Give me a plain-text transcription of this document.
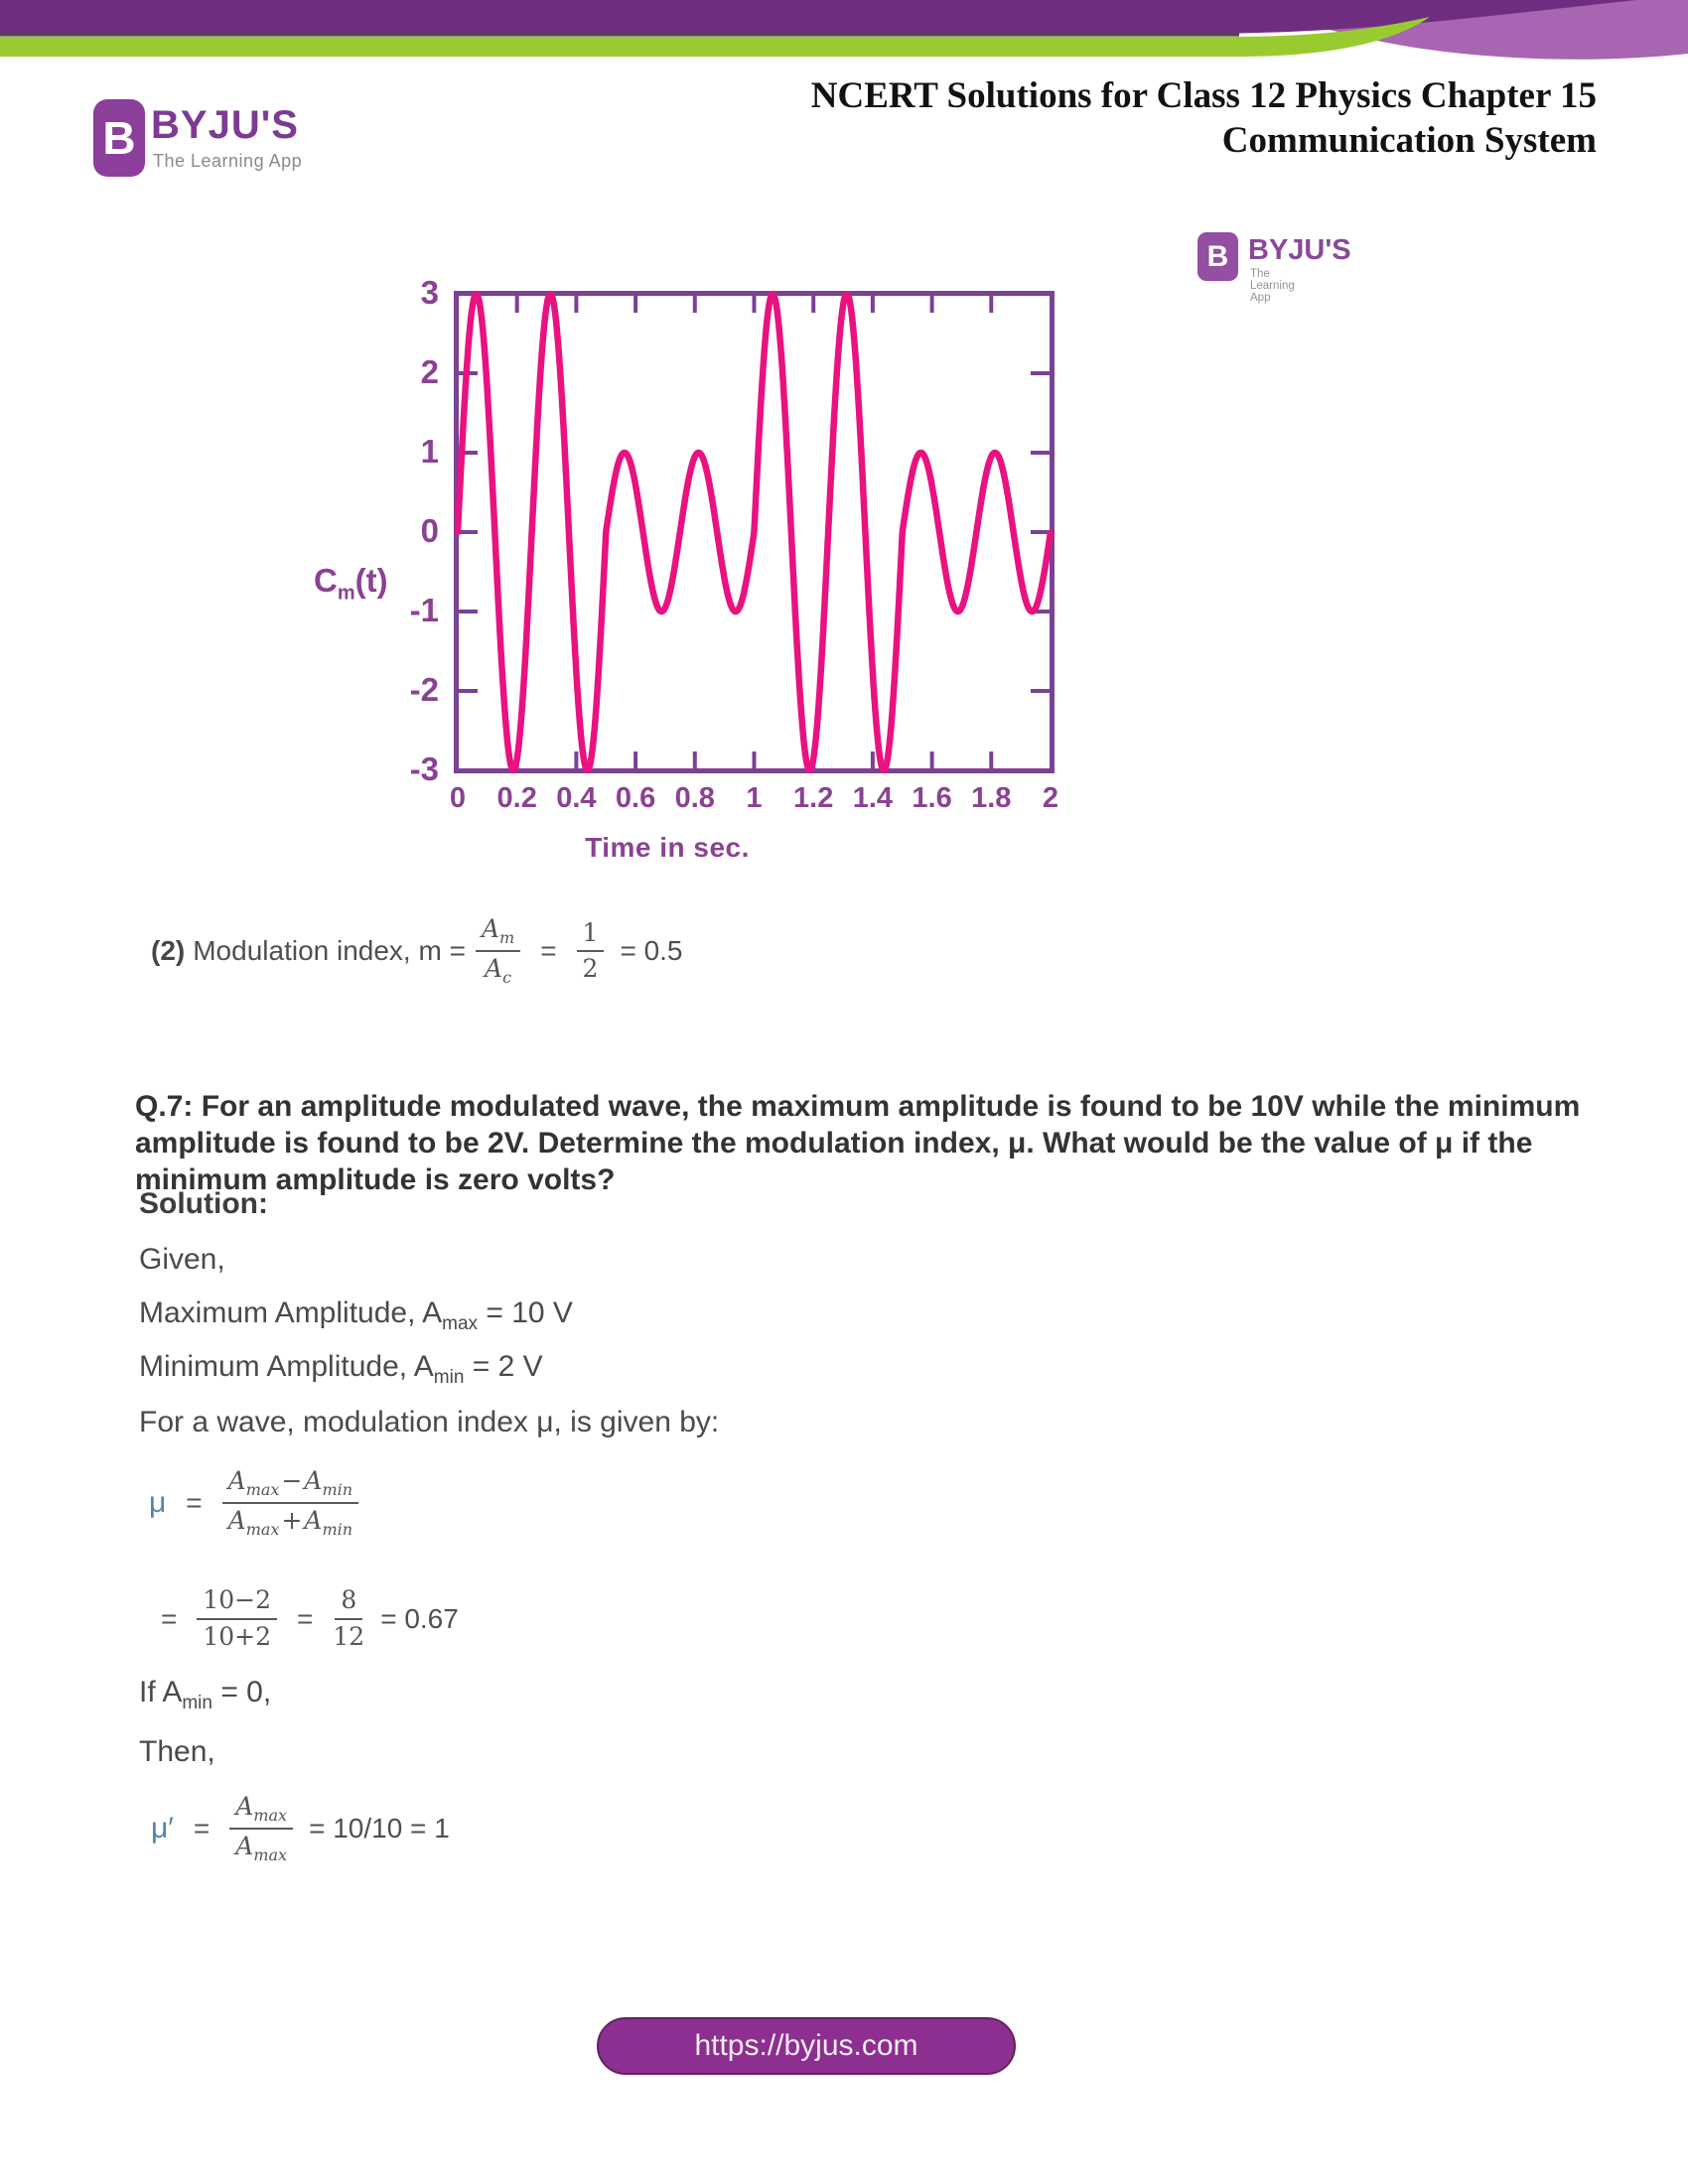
B BYJU'S
The Learning App
NCERT Solutions for Class 12 Physics Chapter 15
Communication System
B BYJU'S
The Learning App
$C_m(t)$
3
2
1
0
-1
-2
-3
0	0.2 0.4 0.6 0.8	1	1.2 1.4 1.6 1.8	2
Time in sec.
(2) Modulation index, $m = \frac{A_m}{A_c} = \frac{1}{2} = 0.5$

Q.7: For an amplitude modulated wave, the maximum amplitude is found to be 10V while the minimum amplitude is found to be 2V. Determine the modulation index, μ. What would be the value of μ if the minimum amplitude is zero volts?

Solution:
Given,
Maximum Amplitude, $A_{max} = 10$ V
Minimum Amplitude, $A_{min} = 2$ V
For a wave, modulation index μ, is given by:
$\mu = \frac{A_{max}-A_{min}}{A_{max}+A_{min}}$
= $\frac{10-2}{10+2} = \frac{8}{12} = 0.67$
If $A_{min} = 0$,
Then,
$\mu' = \frac{A_{max}}{A_{max}} = 10/10 = 1$
https://byjus.com
